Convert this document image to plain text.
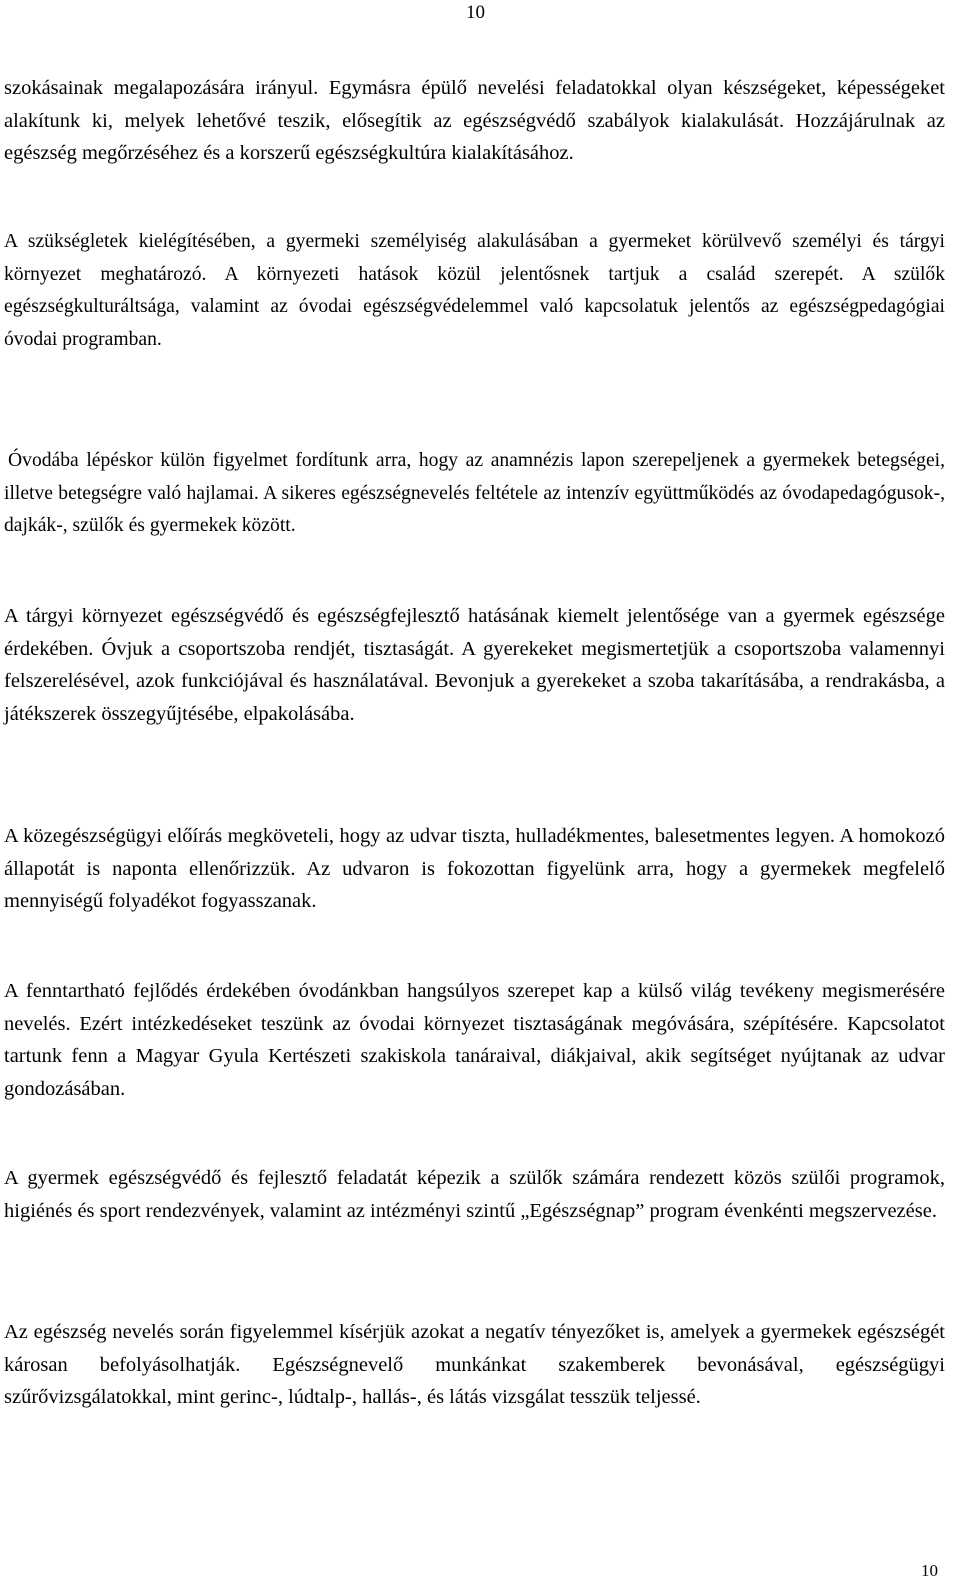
10

szokásainak megalapozására irányul. Egymásra épülő nevelési feladatokkal olyan készségeket, képességeket alakítunk ki, melyek lehetővé teszik, elősegítik az egészségvédő szabályok kialakulását. Hozzájárulnak az egészség megőrzéséhez és a korszerű egészségkultúra kialakításához.

A szükségletek kielégítésében, a gyermeki személyiség alakulásában a gyermeket körülvevő személyi és tárgyi környezet meghatározó. A környezeti hatások közül jelentősnek tartjuk a család szerepét. A szülők egészségkulturáltsága, valamint az óvodai egészségvédelemmel való kapcsolatuk jelentős az egészségpedagógiai óvodai programban.

Óvodába lépéskor külön figyelmet fordítunk arra, hogy az anamnézis lapon szerepeljenek a gyermekek betegségei, illetve betegségre való hajlamai. A sikeres egészségnevelés feltétele az intenzív együttműködés az óvodapedagógusok-, dajkák-, szülők és gyermekek között.

A tárgyi környezet egészségvédő és egészségfejlesztő hatásának kiemelt jelentősége van a gyermek egészsége érdekében. Óvjuk a csoportszoba rendjét, tisztaságát. A gyerekeket megismertetjük a csoportszoba valamennyi felszerelésével, azok funkciójával és használatával. Bevonjuk a gyerekeket a szoba takarításába, a rendrakásba, a játékszerek összegyűjtésébe, elpakolásába.

A közegészségügyi előírás megköveteli, hogy az udvar tiszta, hulladékmentes, balesetmentes legyen. A homokozó állapotát is naponta ellenőrizzük. Az udvaron is fokozottan figyelünk arra, hogy a gyermekek megfelelő mennyiségű folyadékot fogyasszanak.

A fenntartható fejlődés érdekében óvodánkban hangsúlyos szerepet kap a külső világ tevékeny megismerésére nevelés. Ezért intézkedéseket teszünk az óvodai környezet tisztaságának megóvására, szépítésére. Kapcsolatot tartunk fenn a Magyar Gyula Kertészeti szakiskola tanáraival, diákjaival, akik segítséget nyújtanak az udvar gondozásában.

A gyermek egészségvédő és fejlesztő feladatát képezik a szülők számára rendezett közös szülői programok, higiénés és sport rendezvények, valamint az intézményi szintű „Egészségnap” program évenkénti megszervezése.

Az egészség nevelés során figyelemmel kísérjük azokat a negatív tényezőket is, amelyek a gyermekek egészségét károsan befolyásolhatják. Egészségnevelő munkánkat szakemberek bevonásával, egészségügyi szűrővizsgálatokkal, mint gerinc-, lúdtalp-, hallás-, és látás vizsgálat tesszük teljessé.

10
